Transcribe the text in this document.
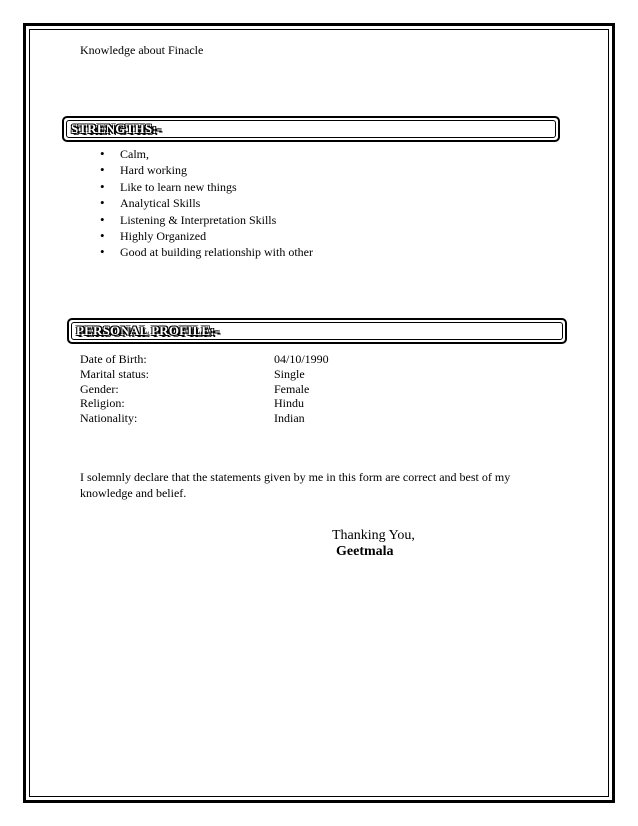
Knowledge about Finacle
STRENGTHS:-
• Calm,
• Hard working
• Like to learn new things
• Analytical Skills
• Listening & Interpretation Skills
• Highly Organized
• Good at building relationship with other
PERSONAL PROFILE:-
Date of Birth:	04/10/1990
Marital status:	Single
Gender:	Female
Religion:	Hindu
Nationality:	Indian
I solemnly declare that the statements given by me in this form are correct and best of my knowledge and belief.
Thanking You,
Geetmala
